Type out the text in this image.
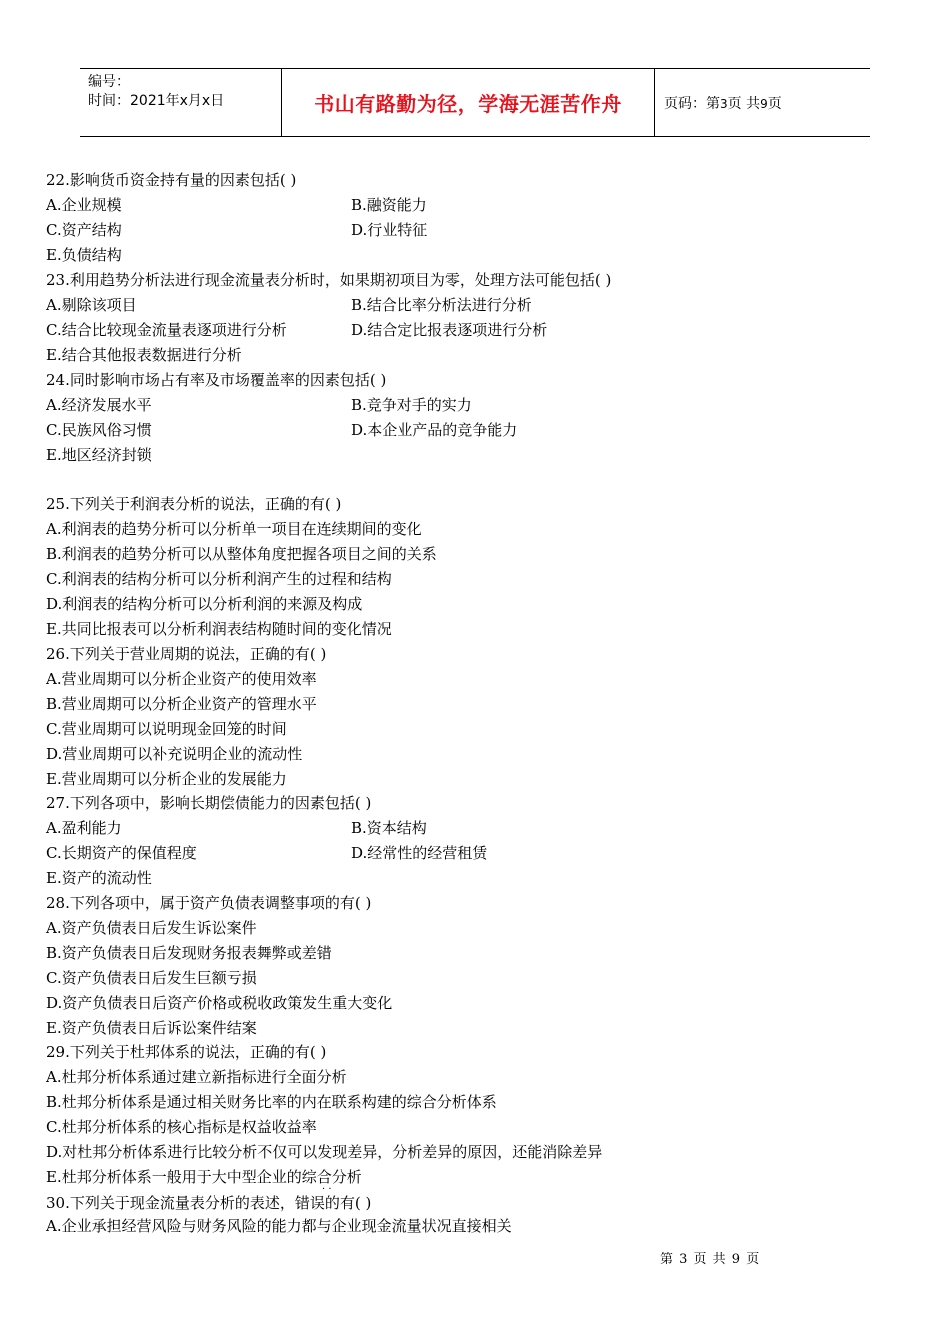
编号：
时间：2021年x月x日	书山有路勤为径，学海无涯苦作舟	页码：第3页 共9页
22.影响货币资金持有量的因素包括( )
A.企业规模	B.融资能力
C.资产结构	D.行业特征
E.负债结构
23.利用趋势分析法进行现金流量表分析时，如果期初项目为零，处理方法可能包括( )
A.剔除该项目	B.结合比率分析法进行分析
C.结合比较现金流量表逐项进行分析	D.结合定比报表逐项进行分析
E.结合其他报表数据进行分析
24.同时影响市场占有率及市场覆盖率的因素包括( )
A.经济发展水平	B.竞争对手的实力
C.民族风俗习惯	D.本企业产品的竞争能力
E.地区经济封锁
25.下列关于利润表分析的说法，正确的有( )
A.利润表的趋势分析可以分析单一项目在连续期间的变化
B.利润表的趋势分析可以从整体角度把握各项目之间的关系
C.利润表的结构分析可以分析利润产生的过程和结构
D.利润表的结构分析可以分析利润的来源及构成
E.共同比报表可以分析利润表结构随时间的变化情况
26.下列关于营业周期的说法，正确的有( )
A.营业周期可以分析企业资产的使用效率
B.营业周期可以分析企业资产的管理水平
C.营业周期可以说明现金回笼的时间
D.营业周期可以补充说明企业的流动性
E.营业周期可以分析企业的发展能力
27.下列各项中，影响长期偿债能力的因素包括( )
A.盈利能力	B.资本结构
C.长期资产的保值程度	D.经常性的经营租赁
E.资产的流动性
28.下列各项中，属于资产负债表调整事项的有( )
A.资产负债表日后发生诉讼案件
B.资产负债表日后发现财务报表舞弊或差错
C.资产负债表日后发生巨额亏损
D.资产负债表日后资产价格或税收政策发生重大变化
E.资产负债表日后诉讼案件结案
29.下列关于杜邦体系的说法，正确的有( )
A.杜邦分析体系通过建立新指标进行全面分析
B.杜邦分析体系是通过相关财务比率的内在联系构建的综合分析体系
C.杜邦分析体系的核心指标是权益收益率
D.对杜邦分析体系进行比较分析不仅可以发现差异，分析差异的原因，还能消除差异
E.杜邦分析体系一般用于大中型企业的综合分析
· ·
30.下列关于现金流量表分析的表述，错误的有( )
A.企业承担经营风险与财务风险的能力都与企业现金流量状况直接相关
第 3 页 共 9 页
